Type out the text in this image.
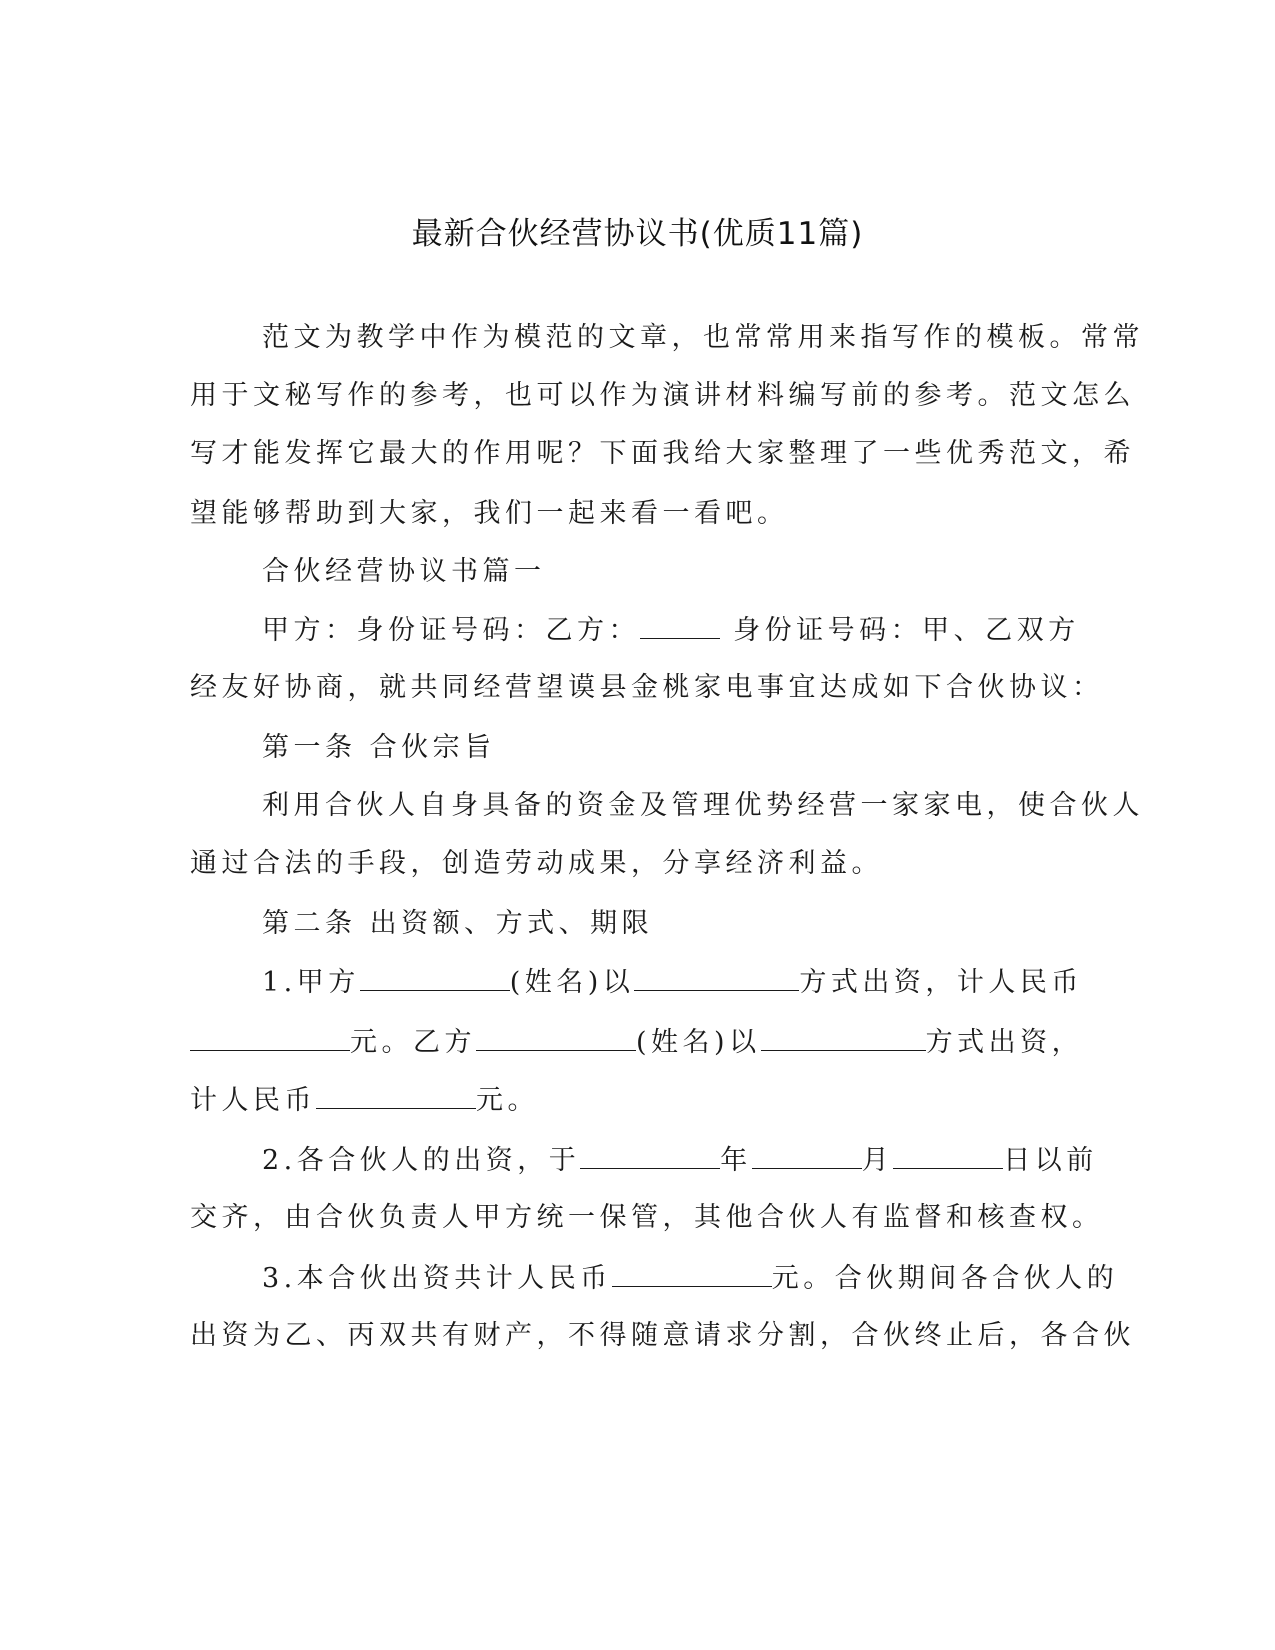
最新合伙经营协议书(优质11篇)
范文为教学中作为模范的文章，也常常用来指写作的模板。常常
用于文秘写作的参考，也可以作为演讲材料编写前的参考。范文怎么
写才能发挥它最大的作用呢？下面我给大家整理了一些优秀范文，希
望能够帮助到大家，我们一起来看一看吧。
合伙经营协议书篇一
甲方：身份证号码：乙方：	身份证号码：甲、乙双方
经友好协商，就共同经营望谟县金桃家电事宜达成如下合伙协议：
第一条 合伙宗旨
利用合伙人自身具备的资金及管理优势经营一家家电，使合伙人
通过合法的手段，创造劳动成果，分享经济利益。
第二条 出资额、方式、期限
1.甲方	(姓名)以	方式出资，计人民币
元。乙方	(姓名)以	方式出资，
计人民币	元。
2.各合伙人的出资，于	年	月	日以前
交齐，由合伙负责人甲方统一保管，其他合伙人有监督和核查权。
3.本合伙出资共计人民币	元。合伙期间各合伙人的
出资为乙、丙双共有财产，不得随意请求分割，合伙终止后，各合伙
